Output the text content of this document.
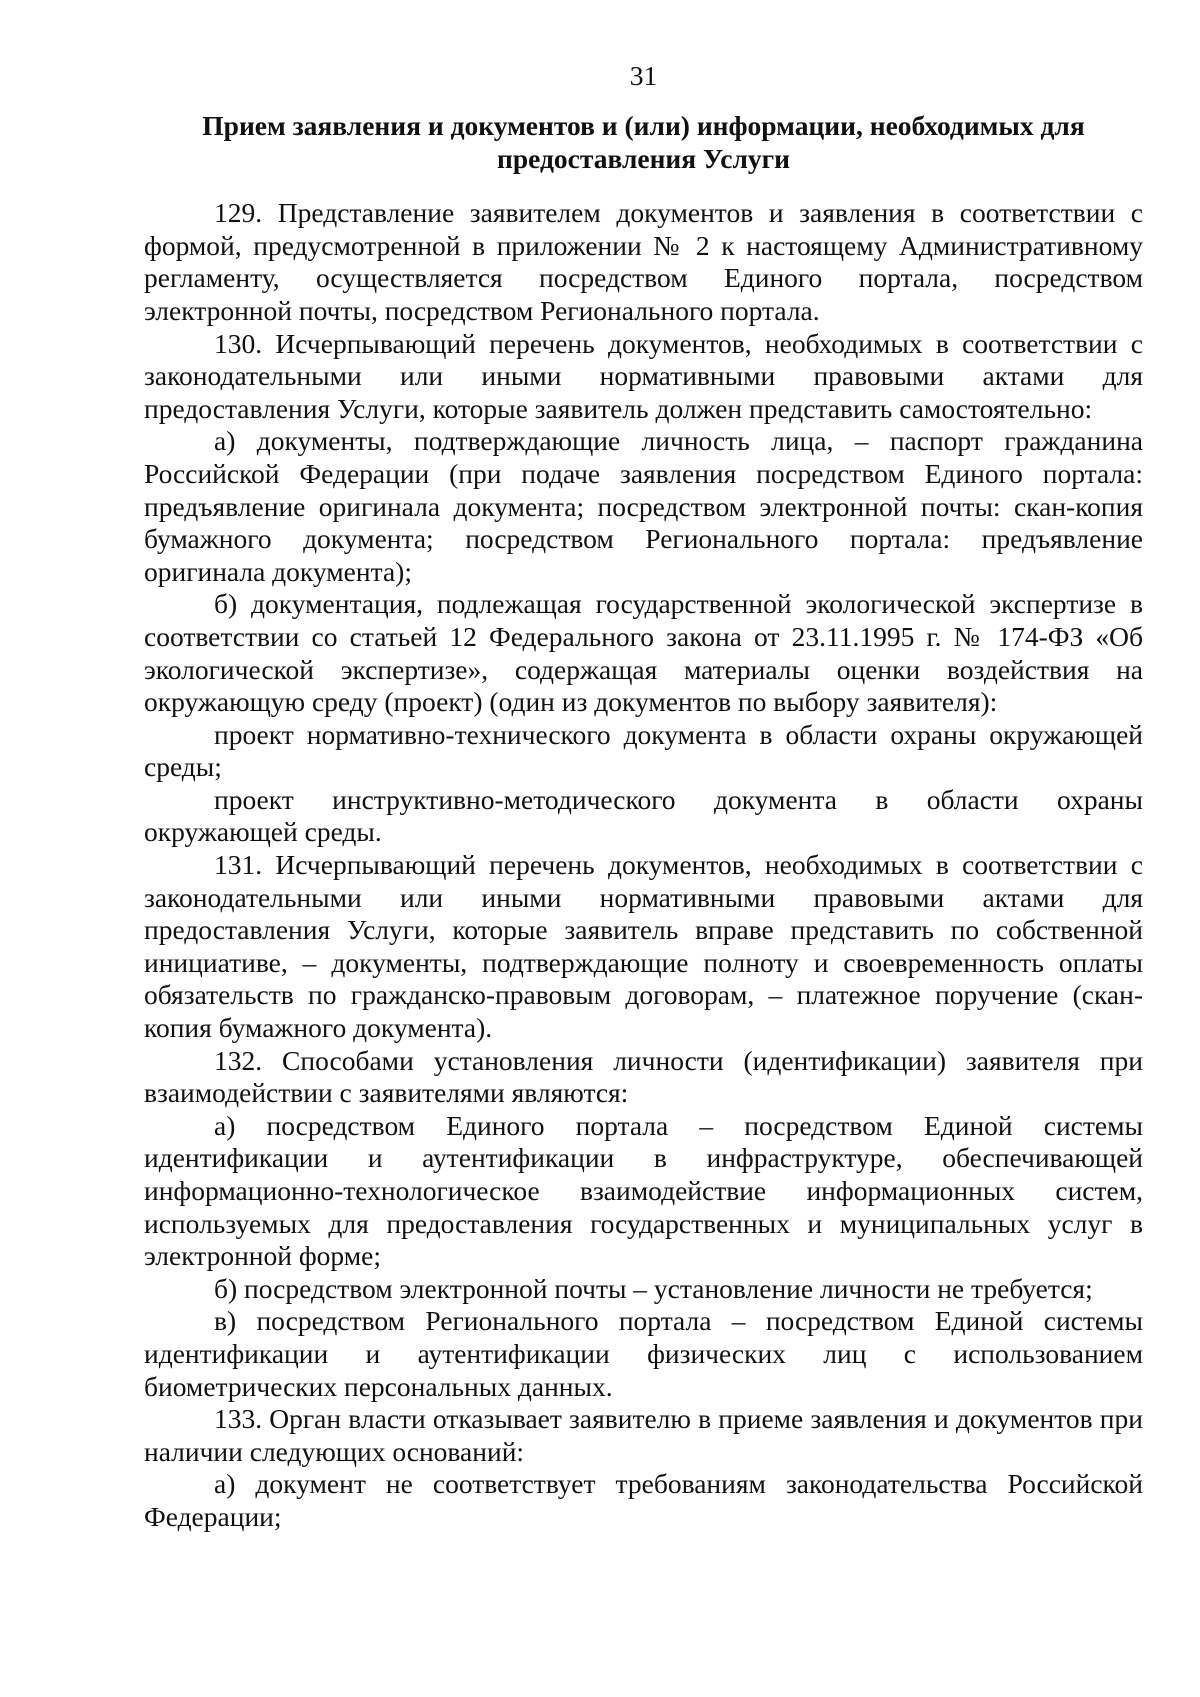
31
Прием заявления и документов и (или) информации, необходимых для
предоставления Услуги

129. Представление заявителем документов и заявления в соответствии с формой, предусмотренной в приложении № 2 к настоящему Административному регламенту, осуществляется посредством Единого портала, посредством электронной почты, посредством Регионального портала.

130. Исчерпывающий перечень документов, необходимых в соответствии с законодательными или иными нормативными правовыми актами для предоставления Услуги, которые заявитель должен представить самостоятельно:

а) документы, подтверждающие личность лица, – паспорт гражданина Российской Федерации (при подаче заявления посредством Единого портала: предъявление оригинала документа; посредством электронной почты: скан-копия бумажного документа; посредством Регионального портала: предъявление оригинала документа);

б) документация, подлежащая государственной экологической экспертизе в соответствии со статьей 12 Федерального закона от 23.11.1995 г. № 174-ФЗ «Об экологической экспертизе», содержащая материалы оценки воздействия на окружающую среду (проект) (один из документов по выбору заявителя):

проект нормативно-технического документа в области охраны окружающей среды;

проект инструктивно-методического документа в области охраны окружающей среды.

131. Исчерпывающий перечень документов, необходимых в соответствии с законодательными или иными нормативными правовыми актами для предоставления Услуги, которые заявитель вправе представить по собственной инициативе, – документы, подтверждающие полноту и своевременность оплаты обязательств по гражданско-правовым договорам, – платежное поручение (скан-копия бумажного документа).

132. Способами установления личности (идентификации) заявителя при взаимодействии с заявителями являются:

а) посредством Единого портала – посредством Единой системы идентификации и аутентификации в инфраструктуре, обеспечивающей информационно-технологическое взаимодействие информационных систем, используемых для предоставления государственных и муниципальных услуг в электронной форме;

б) посредством электронной почты – установление личности не требуется;

в) посредством Регионального портала – посредством Единой системы идентификации и аутентификации физических лиц с использованием биометрических персональных данных.

133. Орган власти отказывает заявителю в приеме заявления и документов при наличии следующих оснований:

а) документ не соответствует требованиям законодательства Российской Федерации;
